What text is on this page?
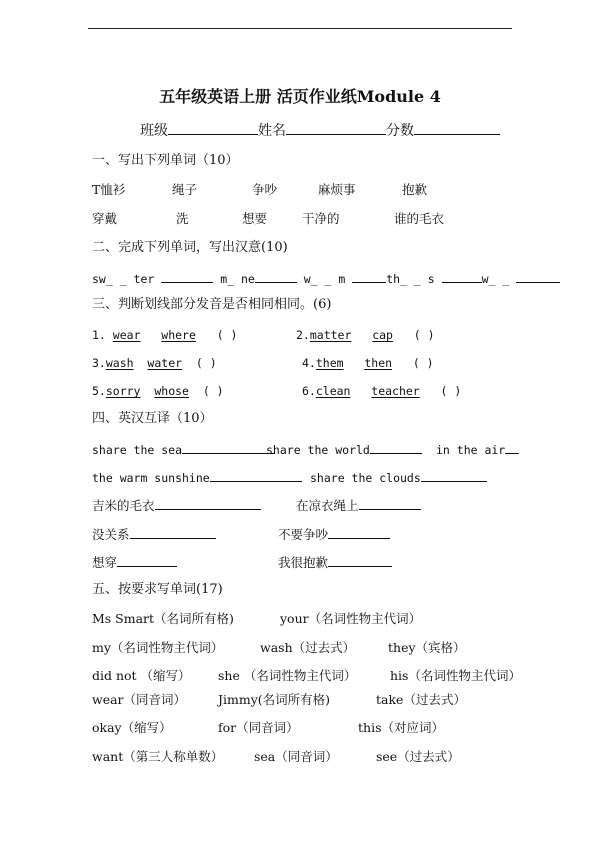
五年级英语上册 活页作业纸Module 4
班级	姓名	分数
一、写出下列单词（10）
T恤衫	绳子	争吵	麻烦事	抱歉
穿戴	洗	想要	干净的	谁的毛衣
二、完成下列单词，写出汉意(10)
sw_ _ ter	m_ ne	w_ _ m	th_ _ s	w_ _
三、判断划线部分发音是否相同相同。(6)
1. wear where ( )	2.matter cap ( )
3.wash water ( )	4.them then ( )
5.sorry whose ( )	6.clean teacher ( )
四、英汉互译（10）
share the sea	share the world	in the air
the warm sunshine	share the clouds
吉米的毛衣	在凉衣绳上
没关系	不要争吵
想穿	我很抱歉
五、按要求写单词(17)
Ms Smart（名词所有格)	your（名词性物主代词）
my（名词性物主代词）	wash（过去式）	they（宾格）
did not （缩写） she （名词性物主代词）	his（名词性物主代词）
wear（同音词）	Jimmy(名词所有格)	take（过去式）
okay（缩写）	for（同音词）	this（对应词）
want（第三人称单数） sea（同音词）	see（过去式）
